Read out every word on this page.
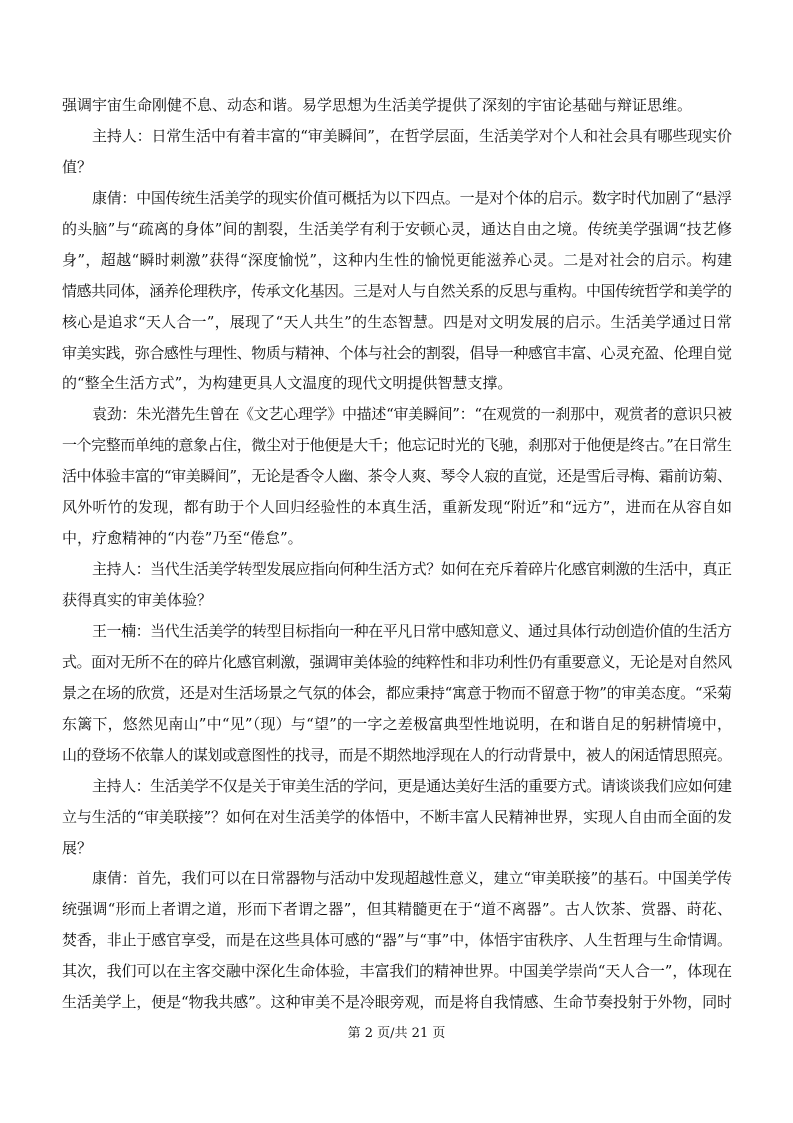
强调宇宙生命刚健不息、动态和谐。易学思想为生活美学提供了深刻的宇宙论基础与辩证思维。
主持人：日常生活中有着丰富的“审美瞬间”，在哲学层面，生活美学对个人和社会具有哪些现实价
值？
康倩：中国传统生活美学的现实价值可概括为以下四点。一是对个体的启示。数字时代加剧了“悬浮
的头脑”与“疏离的身体”间的割裂，生活美学有利于安顿心灵，通达自由之境。传统美学强调“技艺修
身”，超越“瞬时刺激”获得“深度愉悦”，这种内生性的愉悦更能滋养心灵。二是对社会的启示。构建
情感共同体，涵养伦理秩序，传承文化基因。三是对人与自然关系的反思与重构。中国传统哲学和美学的
核心是追求“天人合一”，展现了“天人共生”的生态智慧。四是对文明发展的启示。生活美学通过日常
审美实践，弥合感性与理性、物质与精神、个体与社会的割裂，倡导一种感官丰富、心灵充盈、伦理自觉
的“整全生活方式”，为构建更具人文温度的现代文明提供智慧支撑。
袁劲：朱光潜先生曾在《文艺心理学》中描述“审美瞬间”：“在观赏的一刹那中，观赏者的意识只被
一个完整而单纯的意象占住，微尘对于他便是大千；他忘记时光的飞驰，刹那对于他便是终古。”在日常生
活中体验丰富的“审美瞬间”，无论是香令人幽、茶令人爽、琴令人寂的直觉，还是雪后寻梅、霜前访菊、
风外听竹的发现，都有助于个人回归经验性的本真生活，重新发现“附近”和“远方”，进而在从容自如
中，疗愈精神的“内卷”乃至“倦怠”。
主持人：当代生活美学转型发展应指向何种生活方式？如何在充斥着碎片化感官刺激的生活中，真正
获得真实的审美体验？
王一楠：当代生活美学的转型目标指向一种在平凡日常中感知意义、通过具体行动创造价值的生活方
式。面对无所不在的碎片化感官刺激，强调审美体验的纯粹性和非功利性仍有重要意义，无论是对自然风
景之在场的欣赏，还是对生活场景之气氛的体会，都应秉持“寓意于物而不留意于物”的审美态度。“采菊
东篱下，悠然见南山”中“见”（现）与“望”的一字之差极富典型性地说明，在和谐自足的躬耕情境中，
山的登场不依靠人的谋划或意图性的找寻，而是不期然地浮现在人的行动背景中，被人的闲适情思照亮。
主持人：生活美学不仅是关于审美生活的学问，更是通达美好生活的重要方式。请谈谈我们应如何建
立与生活的“审美联接”？如何在对生活美学的体悟中，不断丰富人民精神世界，实现人自由而全面的发
展？
康倩：首先，我们可以在日常器物与活动中发现超越性意义，建立“审美联接”的基石。中国美学传
统强调“形而上者谓之道，形而下者谓之器”，但其精髓更在于“道不离器”。古人饮茶、赏器、莳花、
焚香，非止于感官享受，而是在这些具体可感的“器”与“事”中，体悟宇宙秩序、人生哲理与生命情调。
其次，我们可以在主客交融中深化生命体验，丰富我们的精神世界。中国美学崇尚“天人合一”，体现在
生活美学上，便是“物我共感”。这种审美不是冷眼旁观，而是将自我情感、生命节奏投射于外物，同时
第 2 页/共 21 页
